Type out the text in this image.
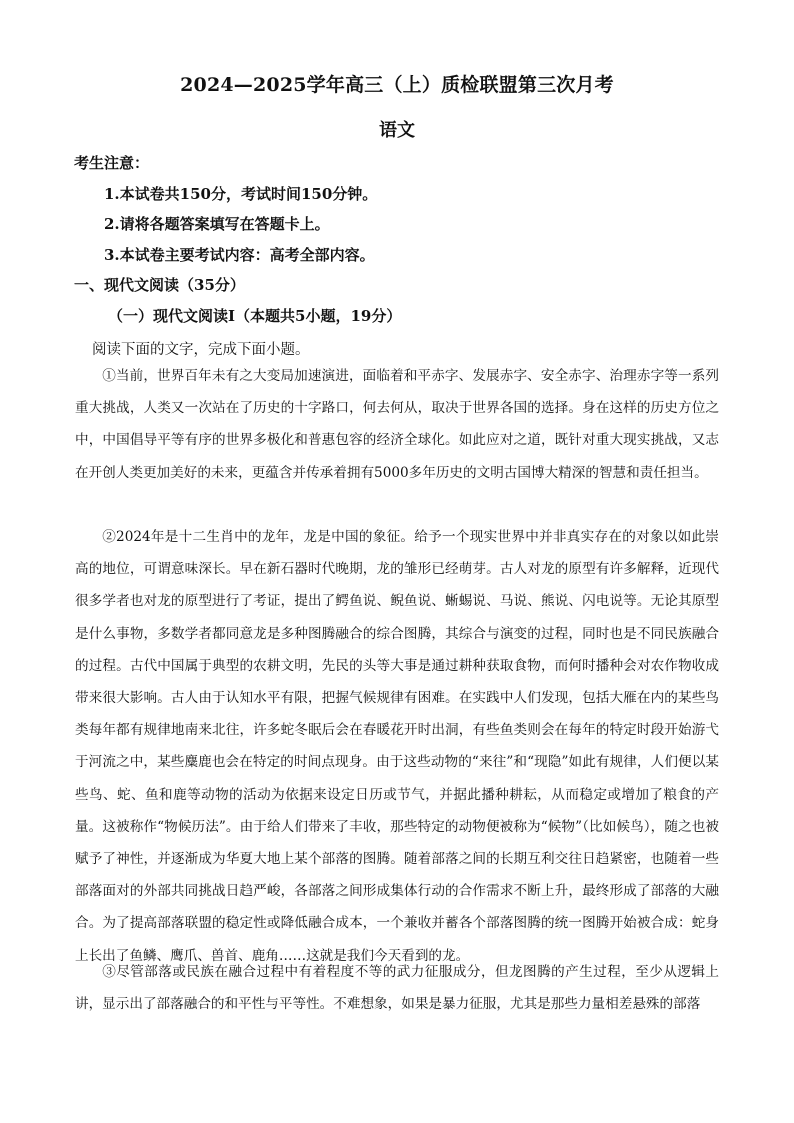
2024—2025学年高三（上）质检联盟第三次月考
语文
考生注意：
1.本试卷共150分，考试时间150分钟。
2.请将各题答案填写在答题卡上。
3.本试卷主要考试内容：高考全部内容。
一、现代文阅读（35分）
（一）现代文阅读Ⅰ（本题共5小题，19分）
阅读下面的文字，完成下面小题。
①当前，世界百年未有之大变局加速演进，面临着和平赤字、发展赤字、安全赤字、治理赤字等一系列重大挑战，人类又一次站在了历史的十字路口，何去何从，取决于世界各国的选择。身在这样的历史方位之中，中国倡导平等有序的世界多极化和普惠包容的经济全球化。如此应对之道，既针对重大现实挑战，又志在开创人类更加美好的未来，更蕴含并传承着拥有5000多年历史的文明古国博大精深的智慧和责任担当。
②2024年是十二生肖中的龙年，龙是中国的象征。给予一个现实世界中并非真实存在的对象以如此崇高的地位，可谓意味深长。早在新石器时代晚期，龙的雏形已经萌芽。古人对龙的原型有许多解释，近现代很多学者也对龙的原型进行了考证，提出了鳄鱼说、鲵鱼说、蜥蜴说、马说、熊说、闪电说等。无论其原型是什么事物，多数学者都同意龙是多种图腾融合的综合图腾，其综合与演变的过程，同时也是不同民族融合的过程。古代中国属于典型的农耕文明，先民的头等大事是通过耕种获取食物，而何时播种会对农作物收成带来很大影响。古人由于认知水平有限，把握气候规律有困难。在实践中人们发现，包括大雁在内的某些鸟类每年都有规律地南来北往，许多蛇冬眠后会在春暖花开时出洞，有些鱼类则会在每年的特定时段开始游弋于河流之中，某些麋鹿也会在特定的时间点现身。由于这些动物的“来往”和“现隐”如此有规律，人们便以某些鸟、蛇、鱼和鹿等动物的活动为依据来设定日历或节气，并据此播种耕耘，从而稳定或增加了粮食的产量。这被称作“物候历法”。由于给人们带来了丰收，那些特定的动物便被称为“候物”（比如候鸟），随之也被赋予了神性，并逐渐成为华夏大地上某个部落的图腾。随着部落之间的长期互利交往日趋紧密，也随着一些部落面对的外部共同挑战日趋严峻，各部落之间形成集体行动的合作需求不断上升，最终形成了部落的大融合。为了提高部落联盟的稳定性或降低融合成本，一个兼收并蓄各个部落图腾的统一图腾开始被合成：蛇身上长出了鱼鳞、鹰爪、兽首、鹿角……这就是我们今天看到的龙。
③尽管部落或民族在融合过程中有着程度不等的武力征服成分，但龙图腾的产生过程，至少从逻辑上讲，显示出了部落融合的和平性与平等性。不难想象，如果是暴力征服，尤其是那些力量相差悬殊的部落
